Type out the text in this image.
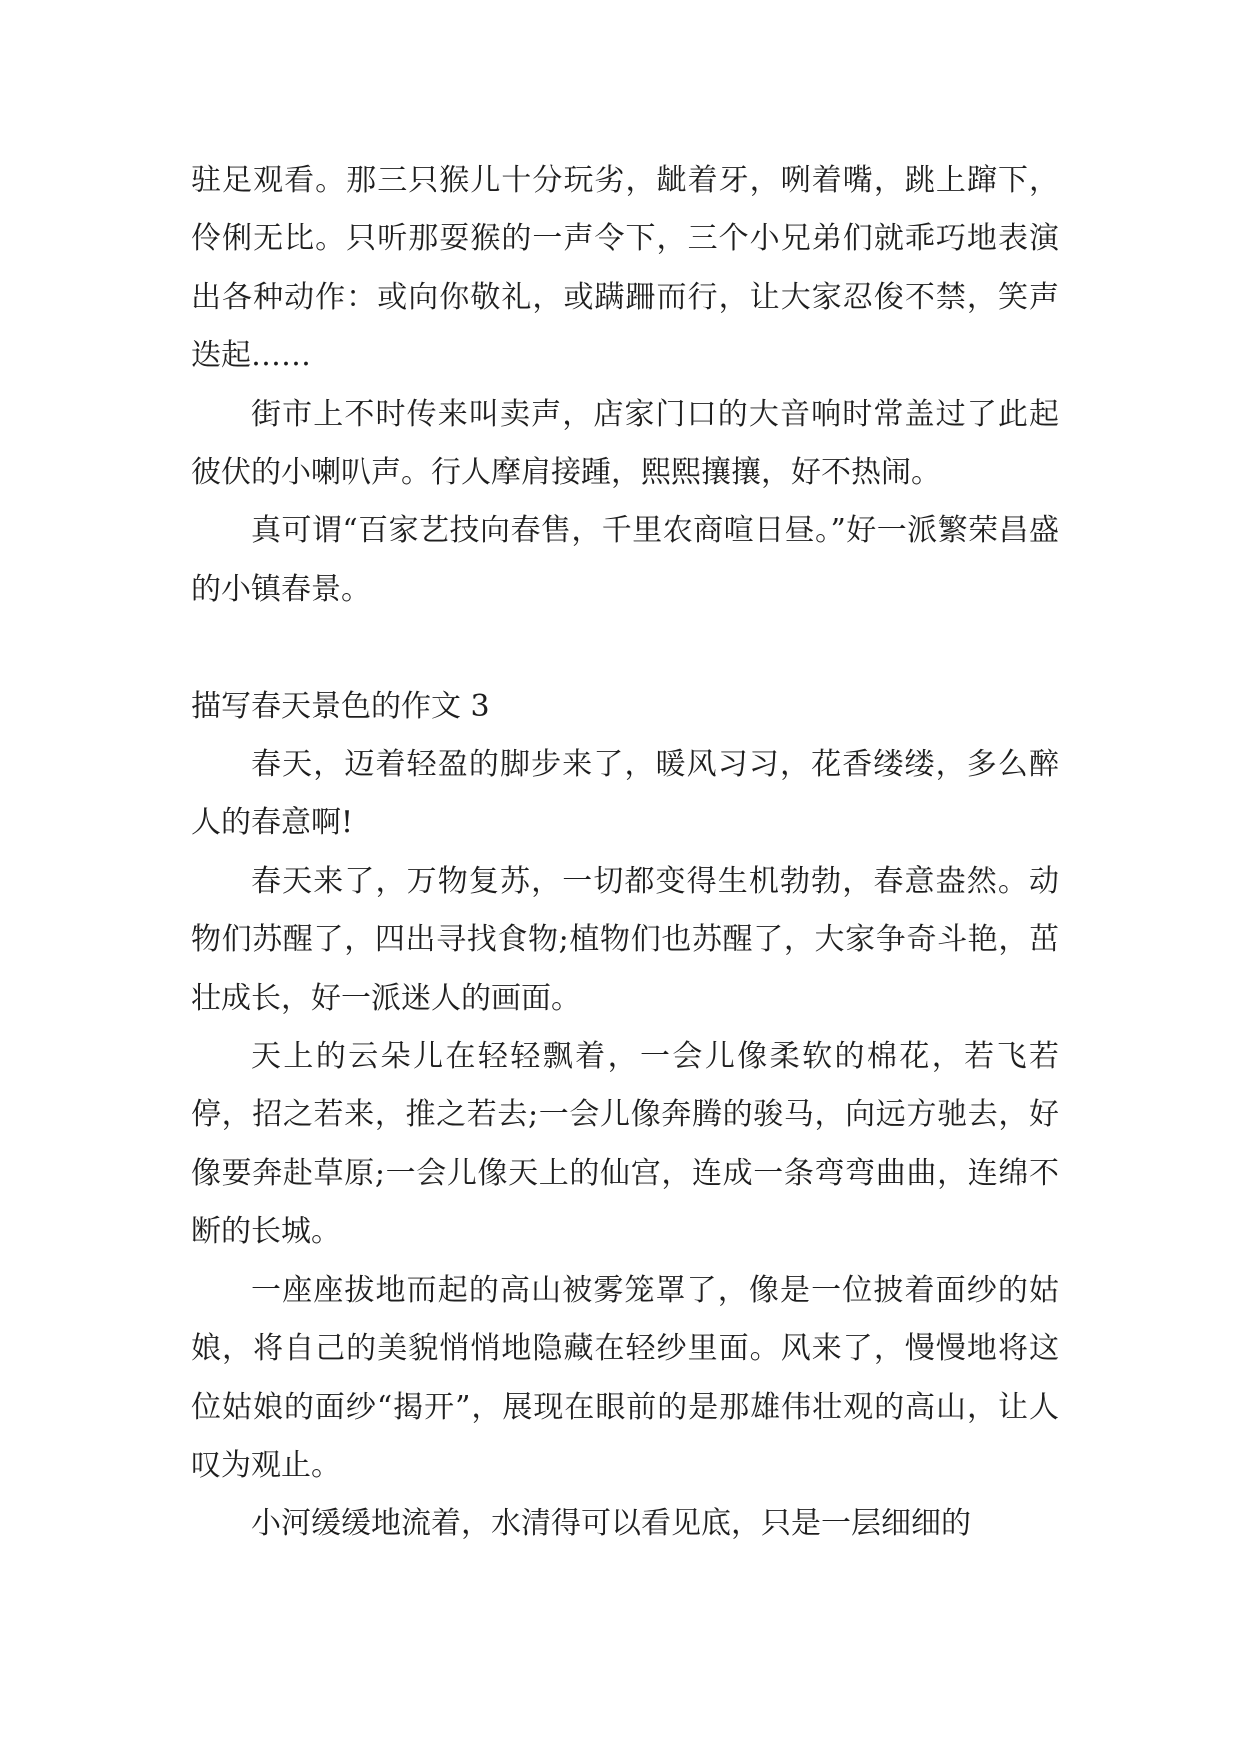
驻足观看。那三只猴儿十分玩劣，龇着牙，咧着嘴，跳上蹿下，伶俐无比。只听那耍猴的一声令下，三个小兄弟们就乖巧地表演出各种动作：或向你敬礼，或蹒跚而行，让大家忍俊不禁，笑声迭起……

街市上不时传来叫卖声，店家门口的大音响时常盖过了此起彼伏的小喇叭声。行人摩肩接踵，熙熙攘攘，好不热闹。

真可谓“百家艺技向春售，千里农商喧日昼。”好一派繁荣昌盛的小镇春景。

描写春天景色的作文 3

春天，迈着轻盈的脚步来了，暖风习习，花香缕缕，多么醉人的春意啊!

春天来了，万物复苏，一切都变得生机勃勃，春意盎然。动物们苏醒了，四出寻找食物;植物们也苏醒了，大家争奇斗艳，茁壮成长，好一派迷人的画面。

天上的云朵儿在轻轻飘着，一会儿像柔软的棉花，若飞若停，招之若来，推之若去;一会儿像奔腾的骏马，向远方驰去，好像要奔赴草原;一会儿像天上的仙宫，连成一条弯弯曲曲，连绵不断的长城。

一座座拔地而起的高山被雾笼罩了，像是一位披着面纱的姑娘，将自己的美貌悄悄地隐藏在轻纱里面。风来了，慢慢地将这位姑娘的面纱“揭开”，展现在眼前的是那雄伟壮观的高山，让人叹为观止。

小河缓缓地流着，水清得可以看见底，只是一层细细的
